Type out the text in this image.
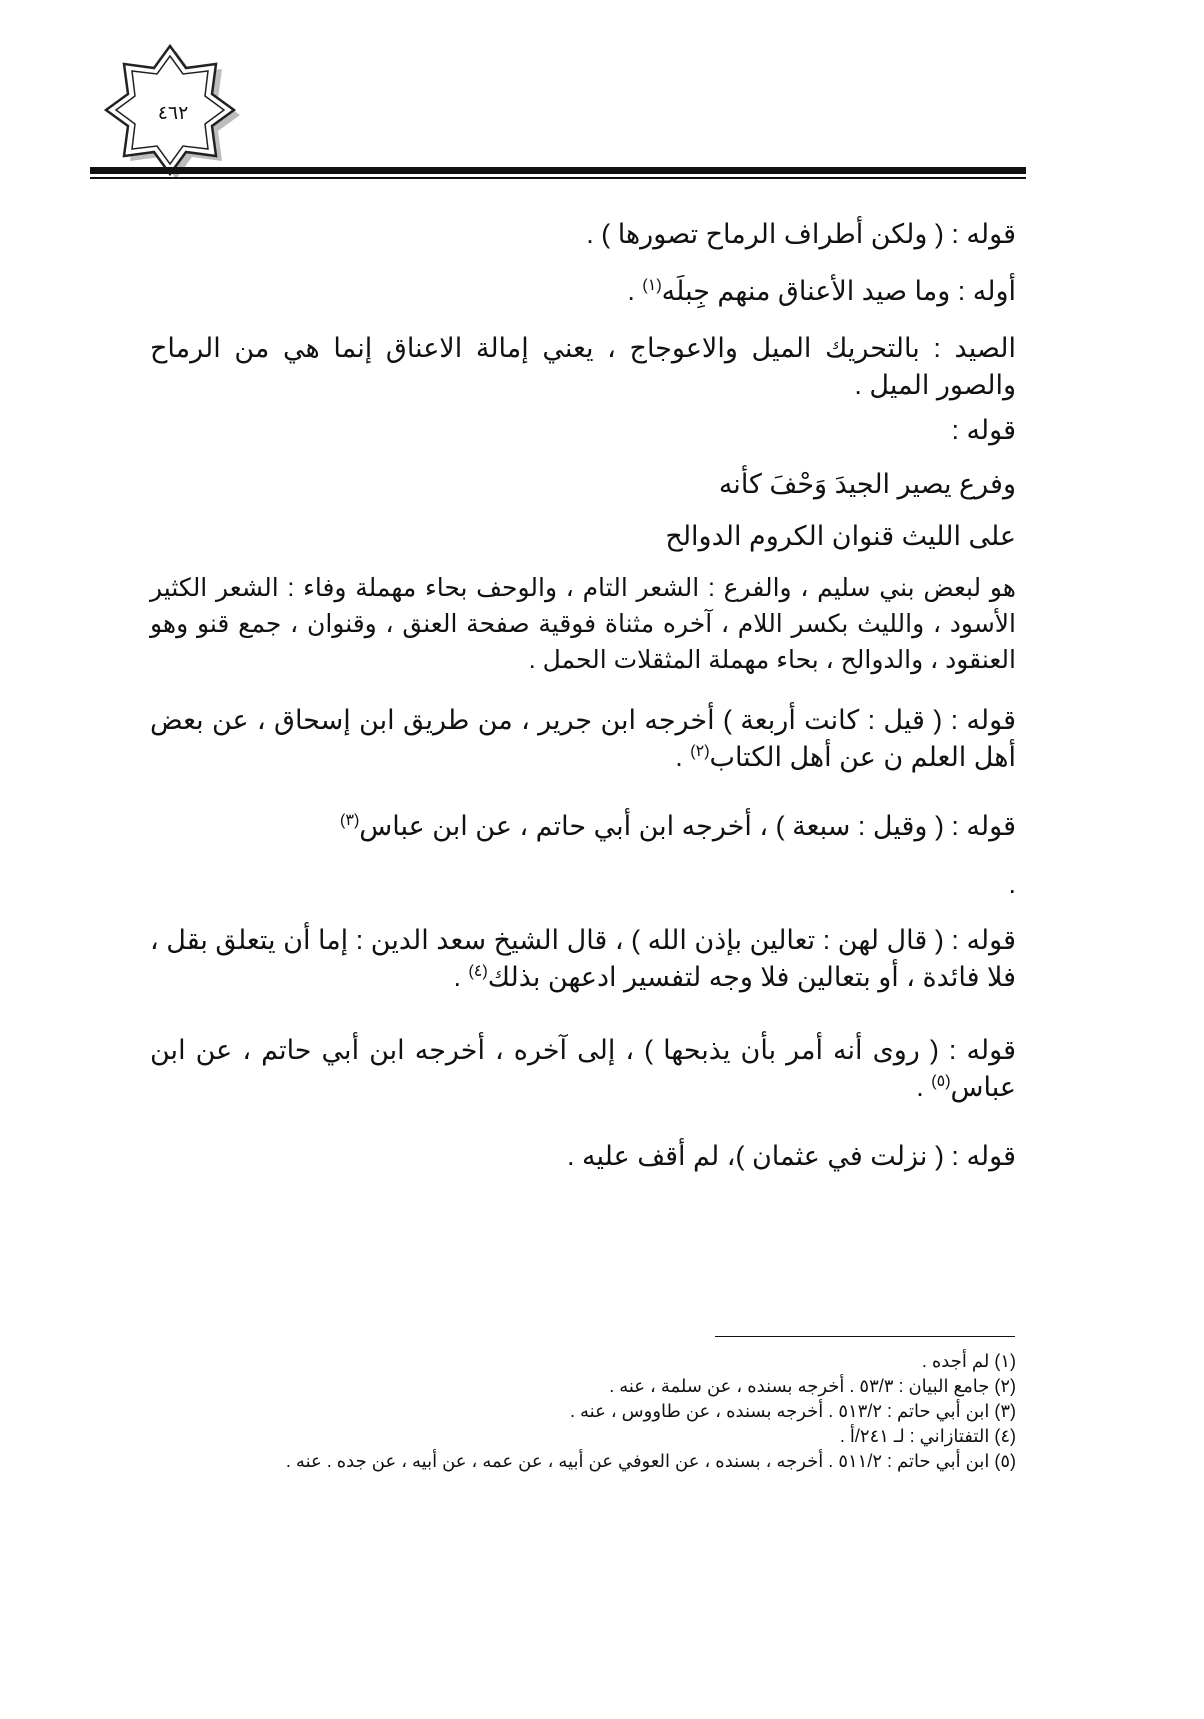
٤٦٢
قوله : ( ولكن أطراف الرماح تصورها ) .
أوله : وما صيد الأعناق منهم جِبلَه$^{(١)}$ .
الصيد : بالتحريك الميل والاعوجاج ، يعني إمالة الاعناق إنما هي من الرماح والصور الميل .
قوله :
وفرع يصير الجيدَ وَحْفَ كأنه
على الليث قنوان الكروم الدوالح
هو لبعض بني سليم ، والفرع : الشعر التام ، والوحف بحاء مهملة وفاء : الشعر الكثير الأسود ، والليث بكسر اللام ، آخره مثناة فوقية صفحة العنق ، وقنوان ، جمع قنو وهو العنقود ، والدوالح ، بحاء مهملة المثقلات الحمل .
قوله : ( قيل : كانت أربعة ) أخرجه ابن جرير ، من طريق ابن إسحاق ، عن بعض أهل العلم ن عن أهل الكتاب$^{(٢)}$ .
قوله : ( وقيل : سبعة ) ، أخرجه ابن أبي حاتم ، عن ابن عباس$^{(٣)}$
.
قوله : ( قال لهن : تعالين بإذن الله ) ، قال الشيخ سعد الدين : إما أن يتعلق بقل ، فلا فائدة ، أو بتعالين فلا وجه لتفسير ادعهن بذلك$^{(٤)}$ .
قوله : ( روى أنه أمر بأن يذبحها ) ، إلى آخره ، أخرجه ابن أبي حاتم ، عن ابن عباس$^{(٥)}$ .
قوله : ( نزلت في عثمان )، لم أقف عليه .
(١) لم أجده .
(٢) جامع البيان : ٥٣/٣ . أخرجه بسنده ، عن سلمة ، عنه .
(٣) ابن أبي حاتم : ٥١٣/٢ . أخرجه بسنده ، عن طاووس ، عنه .
(٤) التفتازاني : لـ ٢٤١/أ .
(٥) ابن أبي حاتم : ٥١١/٢ . أخرجه ، بسنده ، عن العوفي عن أبيه ، عن عمه ، عن أبيه ، عن جده . عنه .
